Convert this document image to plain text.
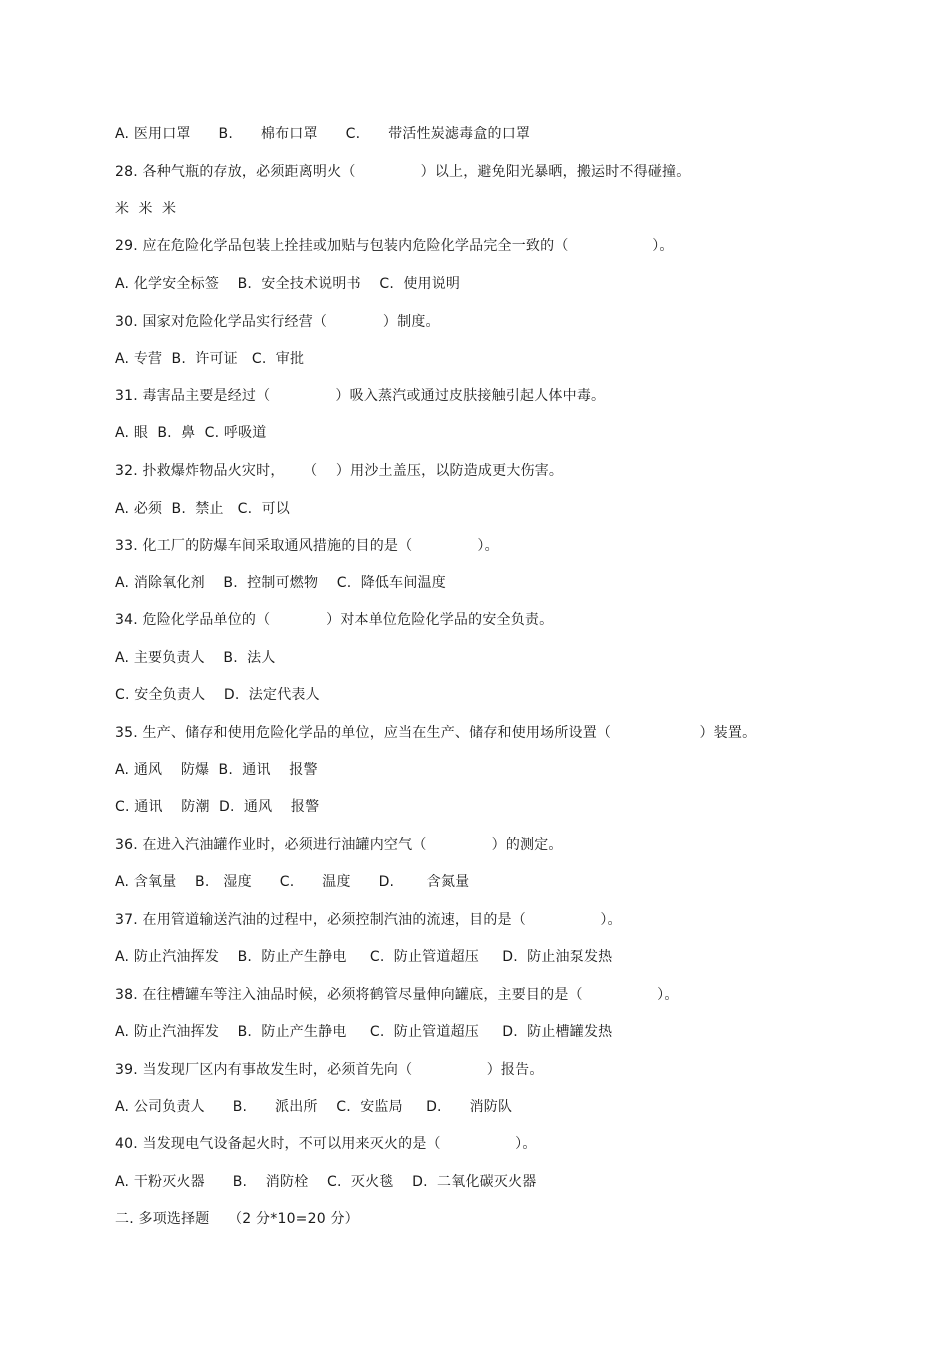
A. 医用口罩      B.      棉布口罩      C.      带活性炭滤毒盒的口罩
28. 各种气瓶的存放，必须距离明火（              ）以上，避免阳光暴晒，搬运时不得碰撞。
米  米  米
29. 应在危险化学品包装上拴挂或加贴与包装内危险化学品完全一致的（                  ）。
A. 化学安全标签    B.  安全技术说明书    C.  使用说明
30. 国家对危险化学品实行经营（            ）制度。
A. 专营  B.  许可证   C.  审批
31. 毒害品主要是经过（              ）吸入蒸汽或通过皮肤接触引起人体中毒。
A. 眼  B.  鼻  C. 呼吸道
32. 扑救爆炸物品火灾时，    （    ）用沙土盖压，以防造成更大伤害。
A. 必须  B.  禁止   C.  可以
33. 化工厂的防爆车间采取通风措施的目的是（              ）。
A. 消除氧化剂    B.  控制可燃物    C.  降低车间温度
34. 危险化学品单位的（            ）对本单位危险化学品的安全负责。
A. 主要负责人    B.  法人
C. 安全负责人    D.  法定代表人
35. 生产、储存和使用危险化学品的单位，应当在生产、储存和使用场所设置（                   ）装置。
A. 通风    防爆  B.  通讯    报警
C. 通讯    防潮  D.  通风    报警
36. 在进入汽油罐作业时，必须进行油罐内空气（              ）的测定。
A. 含氧量    B.   湿度      C.      温度      D.       含氮量
37. 在用管道输送汽油的过程中，必须控制汽油的流速，目的是（                ）。
A. 防止汽油挥发    B.  防止产生静电     C.  防止管道超压     D.  防止油泵发热
38. 在往槽罐车等注入油品时候，必须将鹤管尽量伸向罐底，主要目的是（                ）。
A. 防止汽油挥发    B.  防止产生静电     C.  防止管道超压     D.  防止槽罐发热
39. 当发现厂区内有事故发生时，必须首先向（                ）报告。
A. 公司负责人      B.      派出所    C.  安监局     D.      消防队
40. 当发现电气设备起火时，不可以用来灭火的是（                ）。
A. 干粉灭火器      B.    消防栓    C.  灭火毯    D.  二氧化碳灭火器
二. 多项选择题    （2 分*10=20 分）
